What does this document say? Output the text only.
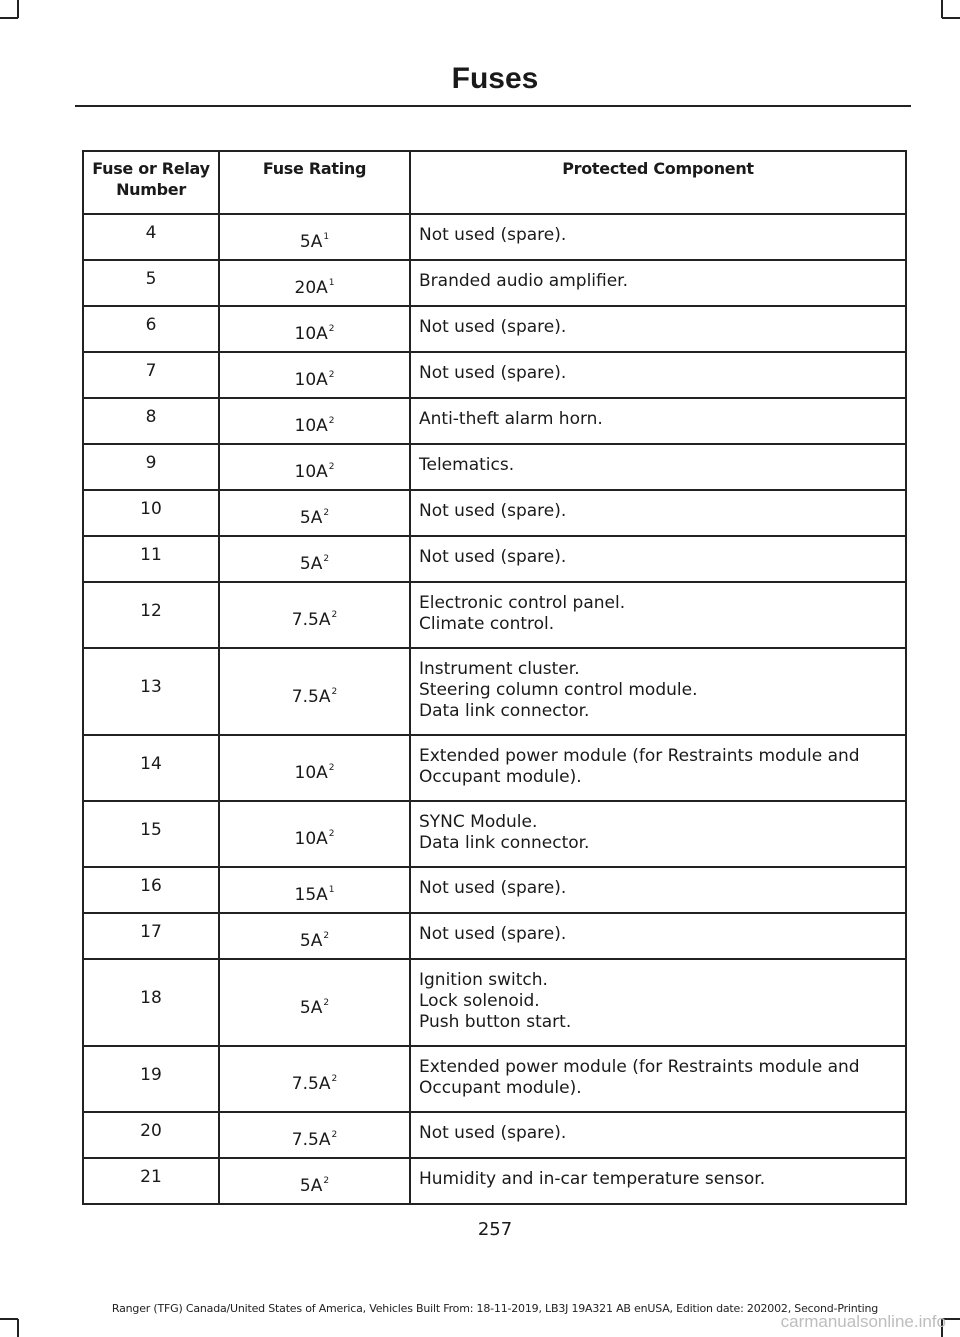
Fuses
Fuse or Relay Number	Fuse Rating	Protected Component
4	$5A^1$	Not used (spare).

5	$20A^1$	Branded audio amplifier.

6	$10A^2$	Not used (spare).

7	$10A^2$	Not used (spare).

8	$10A^2$	Anti-theft alarm horn.

9	$10A^2$	Telematics.

10	$5A^2$	Not used (spare).

11	$5A^2$	Not used (spare).

12	$7.5A^2$	Electronic control panel.
Climate control.

13	$7.5A^2$	Instrument cluster.
Steering column control module.
Data link connector.

14	$10A^2$	Extended power module (for Restraints module and Occupant module).

15	$10A^2$	SYNC Module.
Data link connector.

16	$15A^1$	Not used (spare).

17	$5A^2$	Not used (spare).

18	$5A^2$	Ignition switch.
Lock solenoid.
Push button start.

19	$7.5A^2$	Extended power module (for Restraints module and Occupant module).

20	$7.5A^2$	Not used (spare).

21	$5A^2$	Humidity and in-car temperature sensor.
257
Ranger (TFG) Canada/United States of America, Vehicles Built From: 18-11-2019, LB3J 19A321 AB enUSA, Edition date: 202002, Second-Printing
carmanualsonline.info
